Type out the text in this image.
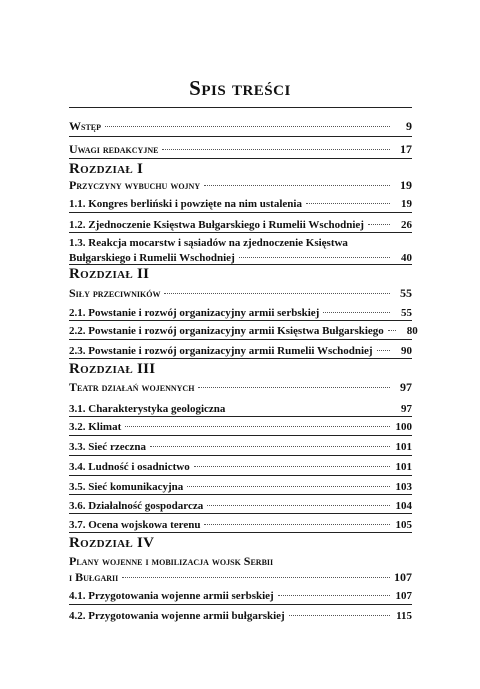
Spis treści
Wstęp	9
Uwagi redakcyjne	17
Rozdział I
Przyczyny wybuchu wojny	19
1.1. Kongres berliński i powzięte na nim ustalenia	19
1.2. Zjednoczenie Księstwa Bułgarskiego i Rumelii Wschodniej	26
1.3. Reakcja mocarstw i sąsiadów na zjednoczenie Księstwa
Bułgarskiego i Rumelii Wschodniej	40
Rozdział II
Siły przeciwników	55
2.1. Powstanie i rozwój organizacyjny armii serbskiej	55
2.2. Powstanie i rozwój organizacyjny armii Księstwa Bułgarskiego	80
2.3. Powstanie i rozwój organizacyjny armii Rumelii Wschodniej	90
Rozdział III
Teatr działań wojennych	97
3.1. Charakterystyka geologiczna	97
3.2. Klimat	100
3.3. Sieć rzeczna	101
3.4. Ludność i osadnictwo	101
3.5. Sieć komunikacyjna	103
3.6. Działalność gospodarcza	104
3.7. Ocena wojskowa terenu	105
Rozdział IV
Plany wojenne i mobilizacja wojsk Serbii
i Bułgarii	107
4.1. Przygotowania wojenne armii serbskiej	107
4.2. Przygotowania wojenne armii bułgarskiej	115
